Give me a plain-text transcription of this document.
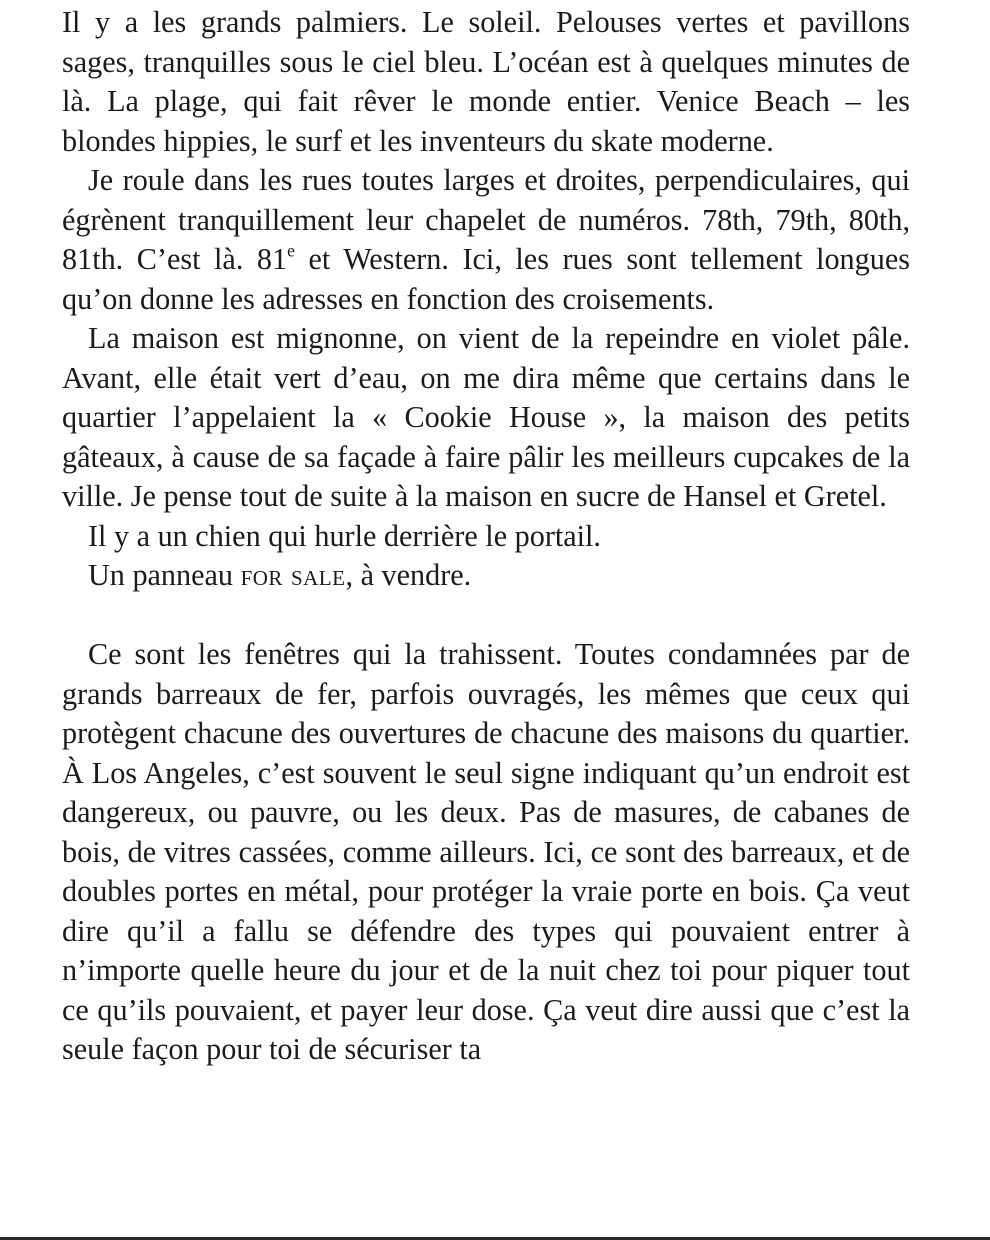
Il y a les grands palmiers. Le soleil. Pelouses vertes et pavillons sages, tranquilles sous le ciel bleu. L’océan est à quelques minutes de là. La plage, qui fait rêver le monde entier. Venice Beach – les blondes hippies, le surf et les inventeurs du skate moderne.

Je roule dans les rues toutes larges et droites, perpendiculaires, qui égrènent tranquillement leur chapelet de numéros. 78th, 79th, 80th, 81th. C’est là. 81e et Western. Ici, les rues sont tellement longues qu’on donne les adresses en fonction des croisements.

La maison est mignonne, on vient de la repeindre en violet pâle. Avant, elle était vert d’eau, on me dira même que certains dans le quartier l’appelaient la « Cookie House », la maison des petits gâteaux, à cause de sa façade à faire pâlir les meilleurs cupcakes de la ville. Je pense tout de suite à la maison en sucre de Hansel et Gretel.

Il y a un chien qui hurle derrière le portail.

Un panneau for sale, à vendre.

Ce sont les fenêtres qui la trahissent. Toutes condamnées par de grands barreaux de fer, parfois ouvragés, les mêmes que ceux qui protègent chacune des ouvertures de chacune des maisons du quartier. À Los Angeles, c’est souvent le seul signe indiquant qu’un endroit est dangereux, ou pauvre, ou les deux. Pas de masures, de cabanes de bois, de vitres cassées, comme ailleurs. Ici, ce sont des barreaux, et de doubles portes en métal, pour protéger la vraie porte en bois. Ça veut dire qu’il a fallu se défendre des types qui pouvaient entrer à n’importe quelle heure du jour et de la nuit chez toi pour piquer tout ce qu’ils pouvaient, et payer leur dose. Ça veut dire aussi que c’est la seule façon pour toi de sécuriser ta
